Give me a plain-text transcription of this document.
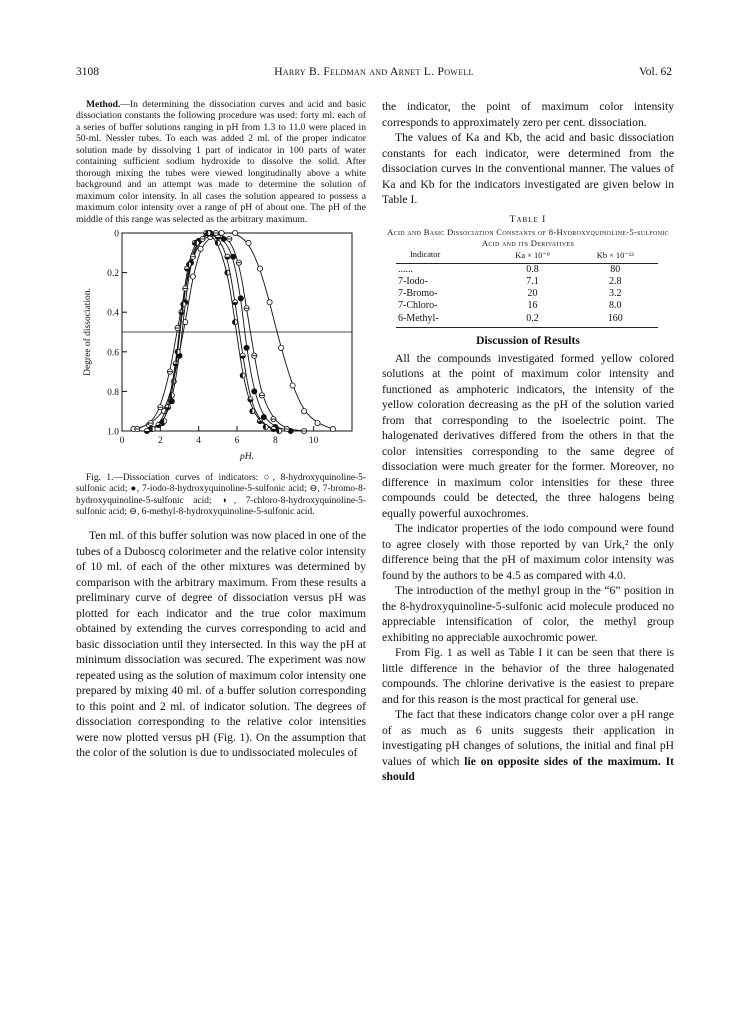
3108	Harry B. Feldman and Arnet L. Powell	Vol. 62

Method.—In determining the dissociation curves and acid and basic dissociation constants the following procedure was used: forty ml. each of a series of buffer solutions ranging in pH from 1.3 to 11.0 were placed in 50-ml. Nessler tubes. To each was added 2 ml. of the proper indicator solution made by dissolving 1 part of indicator in 100 parts of water containing sufficient sodium hydroxide to dissolve the solid. After thorough mixing the tubes were viewed longitudinally above a white background and an attempt was made to determine the solution of maximum color intensity. In all cases the solution appeared to possess a maximum color intensity over a range of pH of about one. The pH of the middle of this range was selected as the arbitrary maximum.

0
0.2
0.4
0.6
0.8
1.0
0	2	4	6	8	10
pH.
Degree of dissociation.

Fig. 1.—Dissociation curves of indicators: ○, 8-hydroxyquinoline-5-sulfonic acid; ●, 7-iodo-8-hydroxyquinoline-5-sulfonic acid; ⊖, 7-bromo-8-hydroxyquinoline-5-sulfonic acid; ◑, 7-chloro-8-hydroxyquinoline-5-sulfonic acid; ⊖, 6-methyl-8-hydroxyquinoline-5-sulfonic acid.

Ten ml. of this buffer solution was now placed in one of the tubes of a Duboscq colorimeter and the relative color intensity of 10 ml. of each of the other mixtures was determined by comparison with the arbitrary maximum. From these results a preliminary curve of degree of dissociation versus pH was plotted for each indicator and the true color maximum obtained by extending the curves corresponding to acid and basic dissociation until they intersected. In this way the pH at minimum dissociation was secured. The experiment was now repeated using as the solution of maximum color intensity one prepared by mixing 40 ml. of a buffer solution corresponding to this point and 2 ml. of indicator solution. The degrees of dissociation corresponding to the relative color intensities were now plotted versus pH (Fig. 1). On the assumption that the color of the solution is due to undissociated molecules of

the indicator, the point of maximum color intensity corresponds to approximately zero per cent. dissociation.

The values of Ka and Kb, the acid and basic dissociation constants for each indicator, were determined from the dissociation curves in the conventional manner. The values of Ka and Kb for the indicators investigated are given below in Table I.

Table I
Acid and Basic Dissociation Constants of 8-Hydroxyquinoline-5-sulfonic Acid and its Derivatives
Indicator	Ka × 10⁻⁹	Kb × 10⁻¹³
......	0.8	80
7-Iodo-	7.1	2.8
7-Bromo-	20	3.2
7-Chloro-	16	8.0
6-Methyl-	0.2	160
Discussion of Results

All the compounds investigated formed yellow colored solutions at the point of maximum color intensity and functioned as amphoteric indicators, the intensity of the yellow coloration decreasing as the pH of the solution varied from that corresponding to the isoelectric point. The halogenated derivatives differed from the others in that the color intensities corresponding to the same degree of dissociation were much greater for the former. Moreover, no difference in maximum color intensities for these three compounds could be detected, the three halogens being equally powerful auxochromes.

The indicator properties of the iodo compound were found to agree closely with those reported by van Urk,² the only difference being that the pH of maximum color intensity was found by the authors to be 4.5 as compared with 4.0.

The introduction of the methyl group in the “6” position in the 8-hydroxyquinoline-5-sulfonic acid molecule produced no appreciable intensification of color, the methyl group exhibiting no appreciable auxochromic power.

From Fig. 1 as well as Table I it can be seen that there is little difference in the behavior of the three halogenated compounds. The chlorine derivative is the easiest to prepare and for this reason is the most practical for general use.

The fact that these indicators change color over a pH range of as much as 6 units suggests their application in investigating pH changes of solutions, the initial and final pH values of which lie on opposite sides of the maximum. It should
